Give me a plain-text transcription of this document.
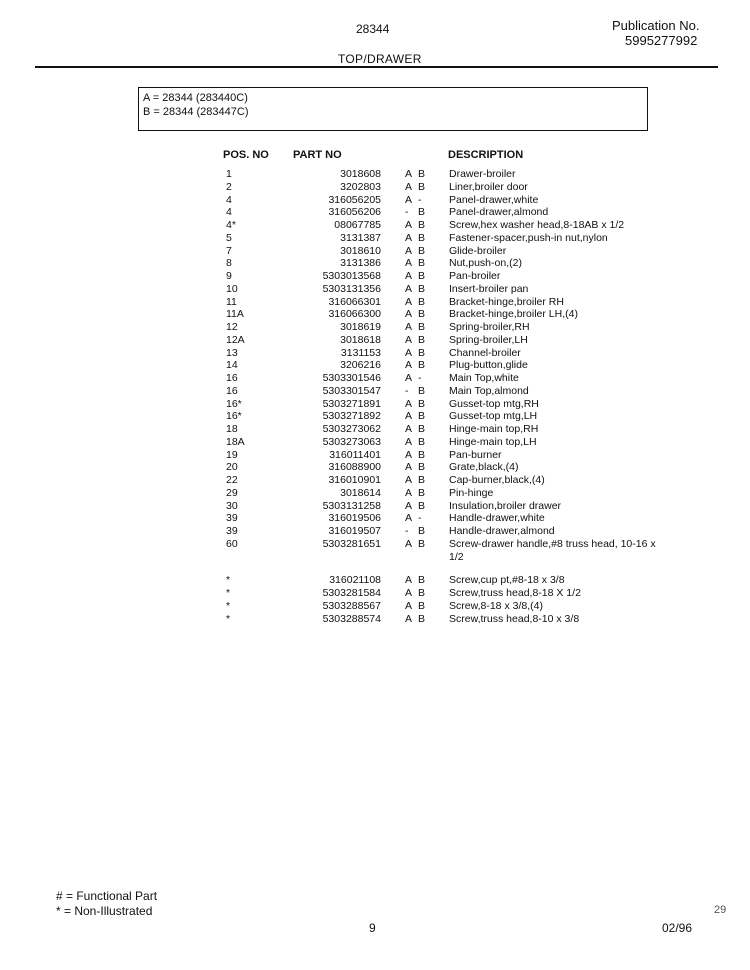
28344	Publication No.
5995277992
TOP/DRAWER
A = 28344 (283440C)
B = 28344 (283447C)
POS. NO PART NO	DESCRIPTION
1	3018608 A B Drawer-broiler
2	3202803 A B Liner,broiler door
4	316056205 A -	Panel-drawer,white
4	316056206 - B Panel-drawer,almond
4*	08067785 A B Screw,hex washer head,8-18AB x 1/2
5	3131387 A B Fastener-spacer,push-in nut,nylon
7	3018610 A B Glide-broiler
8	3131386 A B Nut,push-on,(2)
9	5303013568 A B Pan-broiler
10	5303131356 A B Insert-broiler pan
11	316066301 A B Bracket-hinge,broiler RH
11A	316066300 A B Bracket-hinge,broiler LH,(4)
12	3018619 A B Spring-broiler,RH
12A	3018618 A B Spring-broiler,LH
13	3131153 A B Channel-broiler
14	3206216 A B Plug-button,glide
16	5303301546 A -	Main Top,white
16	5303301547 - B Main Top,almond
16*	5303271891 A B Gusset-top mtg,RH
16*	5303271892 A B Gusset-top mtg,LH
18	5303273062 A B Hinge-main top,RH
18A	5303273063 A B Hinge-main top,LH
19	316011401 A B Pan-burner
20	316088900 A B Grate,black,(4)
22	316010901 A B Cap-burner,black,(4)
29	3018614 A B Pin-hinge
30	5303131258 A B Insulation,broiler drawer
39	316019506 A -	Handle-drawer,white
39	316019507 - B Handle-drawer,almond
60	5303281651 A B Screw-drawer handle,#8 truss head, 10-16 x 1/2
*	316021108 A B Screw,cup pt,#8-18 x 3/8
*	5303281584 A B Screw,truss head,8-18 X 1/2
*	5303288567 A B Screw,8-18 x 3/8,(4)
*	5303288574 A B Screw,truss head,8-10 x 3/8
# = Functional Part
* = Non-Illustrated
9	02/96
29
